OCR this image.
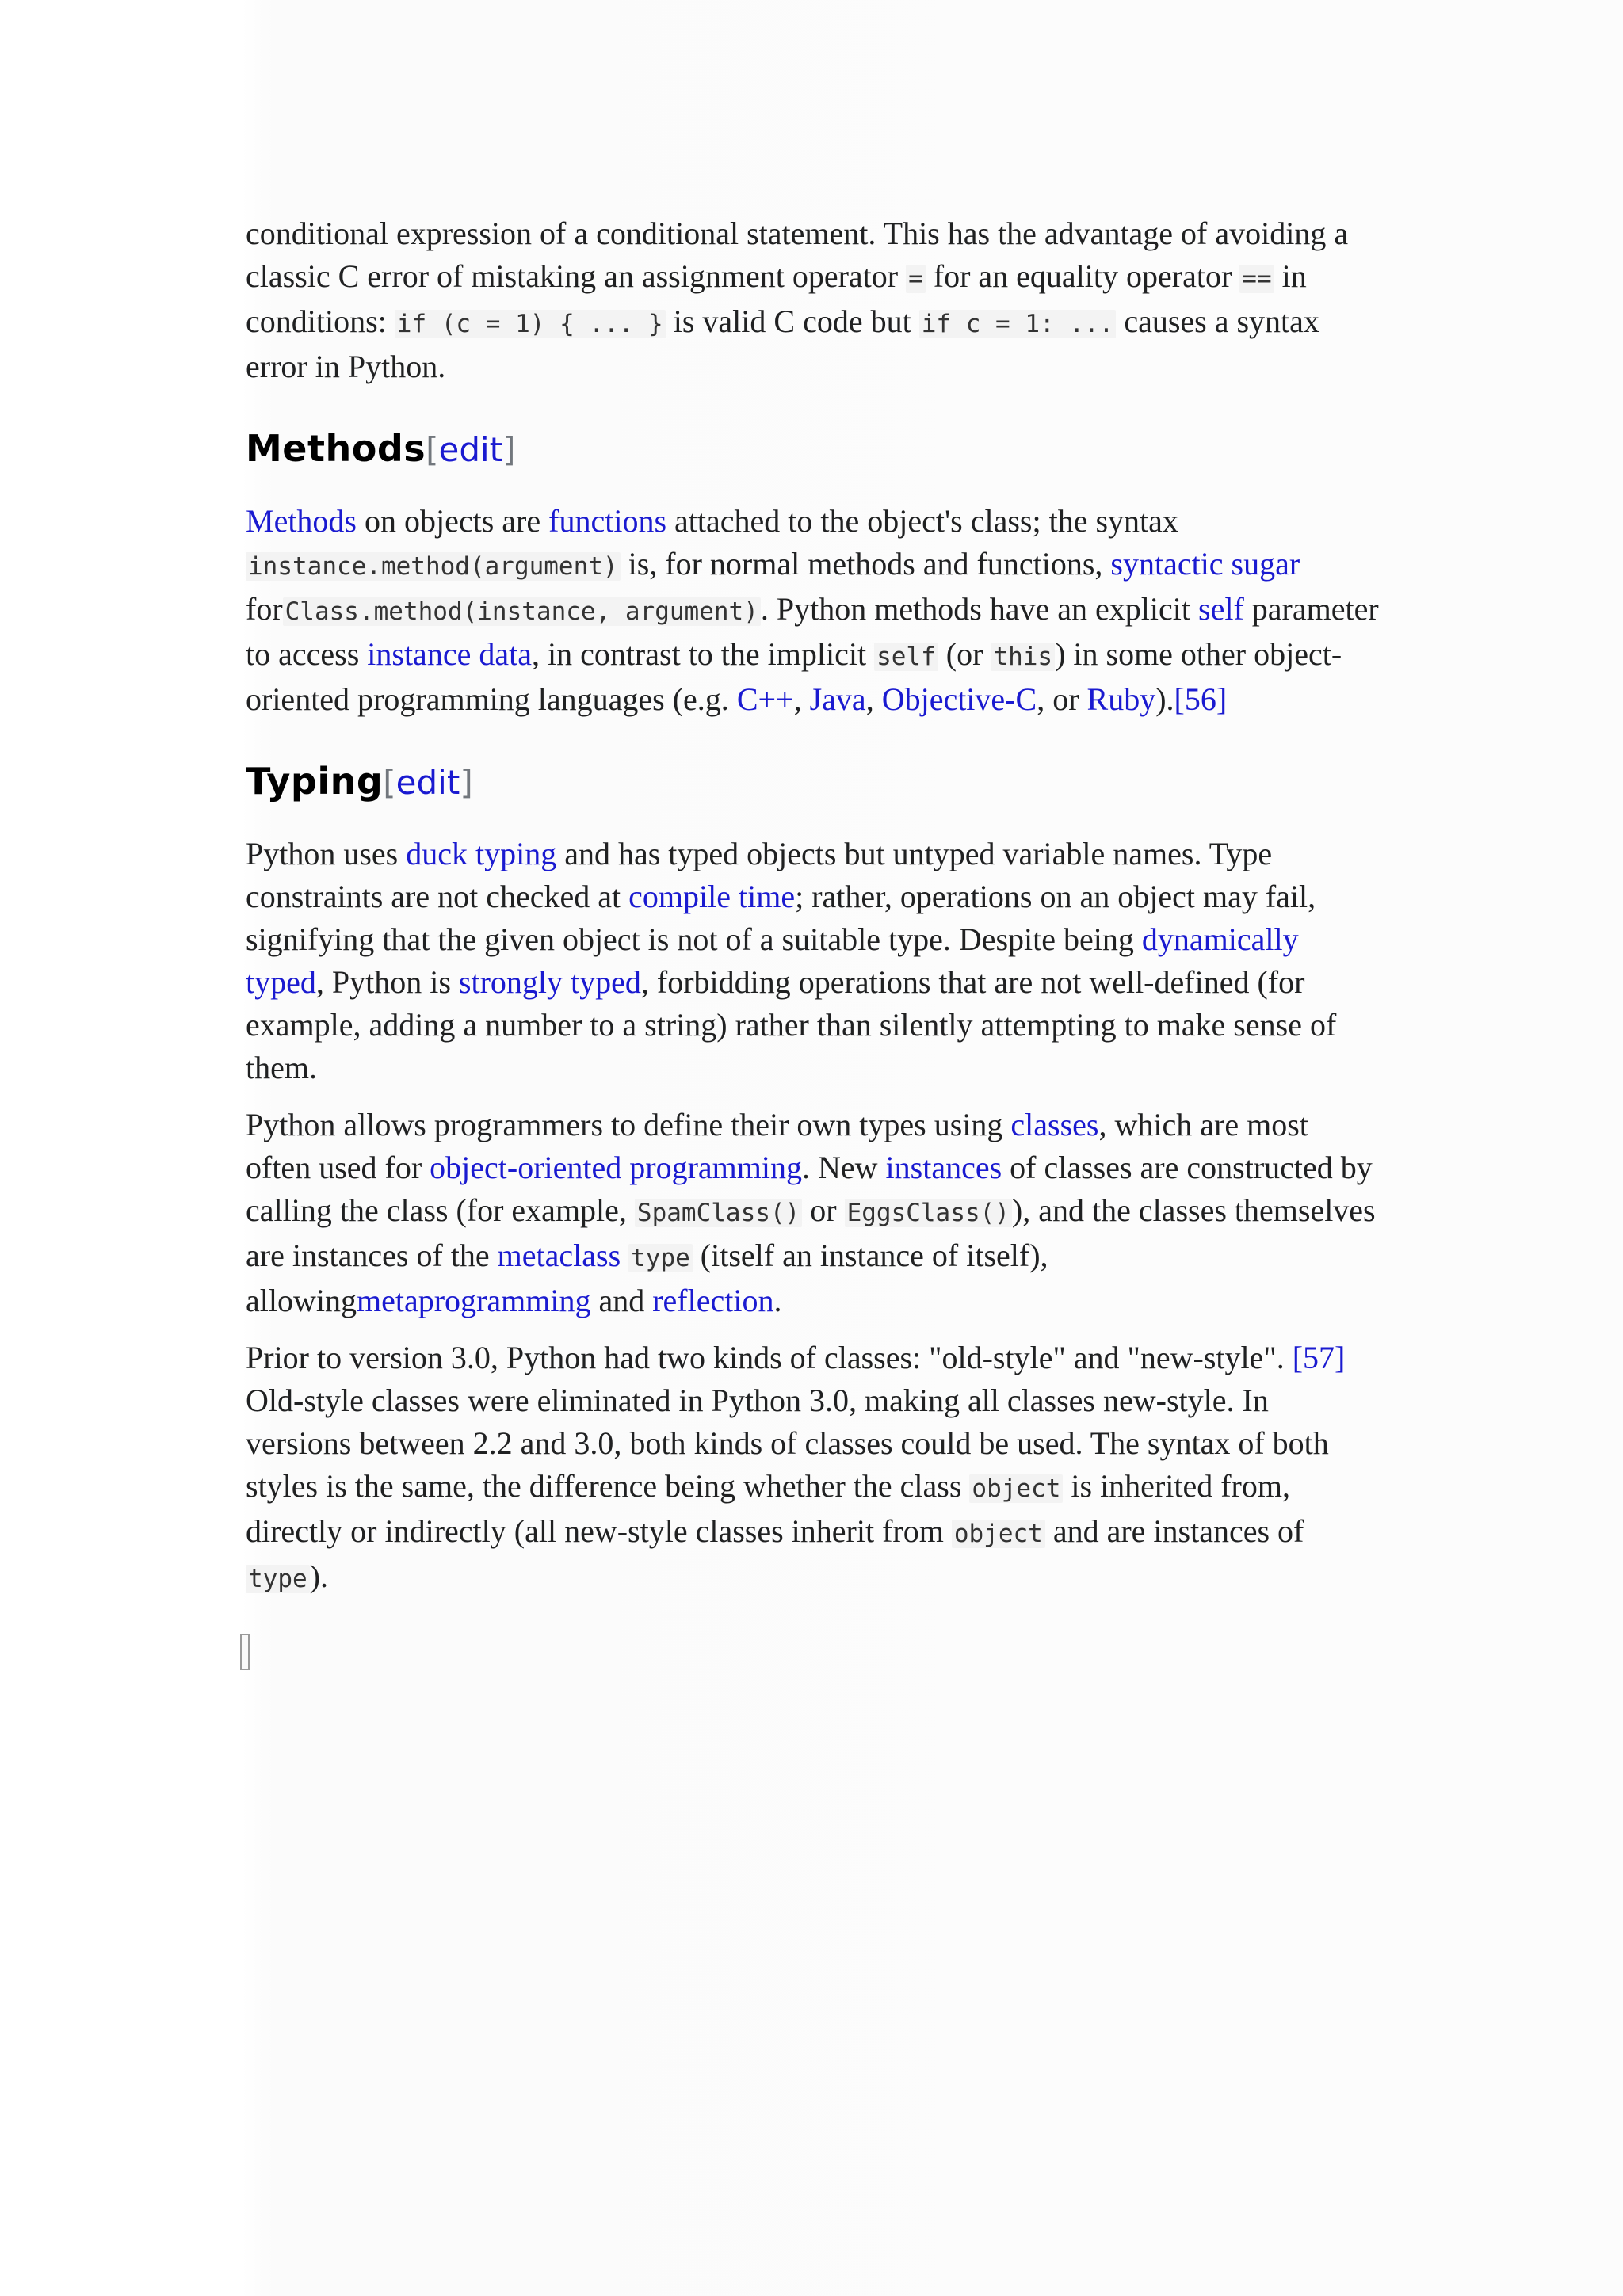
conditional expression of a conditional statement. This has the advantage of avoiding a classic C error of mistaking an assignment operator = for an equality operator == in conditions: if (c = 1) { ... } is valid C code but if c = 1: ... causes a syntax error in Python.

Methods[edit]

Methods on objects are functions attached to the object's class; the syntax instance.method(argument) is, for normal methods and functions, syntactic sugar forClass.method(instance, argument). Python methods have an explicit self parameter to access instance data, in contrast to the implicit self (or this) in some other object-oriented programming languages (e.g. C++, Java, Objective-C, or Ruby).[56]

Typing[edit]

Python uses duck typing and has typed objects but untyped variable names. Type constraints are not checked at compile time; rather, operations on an object may fail, signifying that the given object is not of a suitable type. Despite being dynamically typed, Python is strongly typed, forbidding operations that are not well-defined (for example, adding a number to a string) rather than silently attempting to make sense of them.

Python allows programmers to define their own types using classes, which are most often used for object-oriented programming. New instances of classes are constructed by calling the class (for example, SpamClass() or EggsClass()), and the classes themselves are instances of the metaclass type (itself an instance of itself), allowingmetaprogramming and reflection.

Prior to version 3.0, Python had two kinds of classes: "old-style" and "new-style". [57] Old-style classes were eliminated in Python 3.0, making all classes new-style. In versions between 2.2 and 3.0, both kinds of classes could be used. The syntax of both styles is the same, the difference being whether the class object is inherited from, directly or indirectly (all new-style classes inherit from object and are instances of type).
